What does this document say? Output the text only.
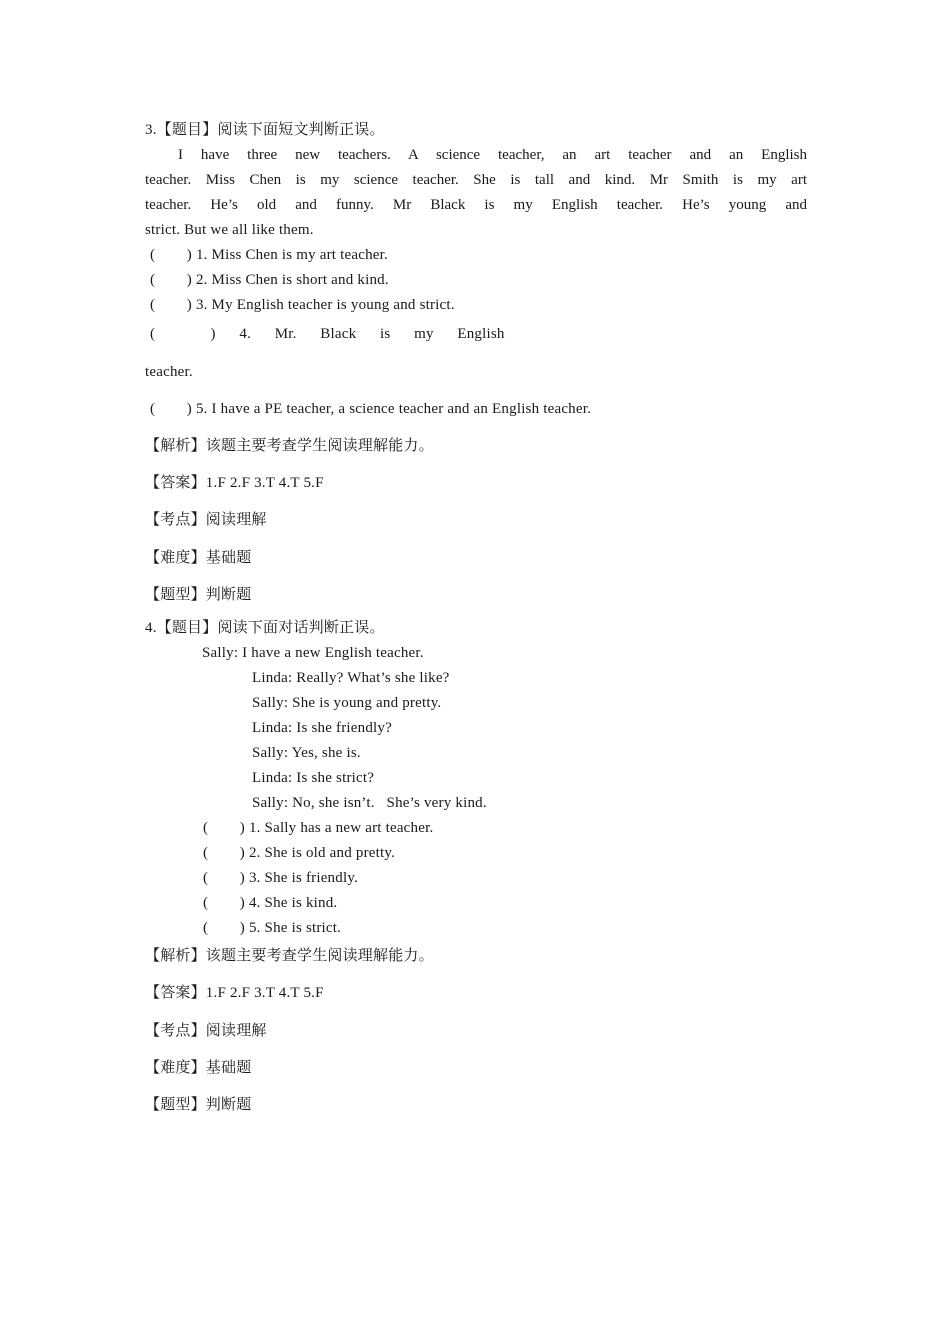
3.【题目】阅读下面短文判断正误。
I have three new teachers. A science teacher, an art teacher and an English
teacher. Miss Chen is my science teacher. She is tall and kind. Mr Smith is my art
teacher. He’s old and funny. Mr Black is my English teacher. He’s young and
strict. But we all like them.
(        ) 1. Miss Chen is my art teacher.
(        ) 2. Miss Chen is short and kind.
(        ) 3. My English teacher is young and strict.
(              )      4.      Mr.      Black      is      my      English
teacher.
(        ) 5. I have a PE teacher, a science teacher and an English teacher.
【解析】该题主要考查学生阅读理解能力。
【答案】1.F 2.F 3.T 4.T 5.F
【考点】阅读理解
【难度】基础题
【题型】判断题
4.【题目】阅读下面对话判断正误。
Sally: I have a new English teacher.
Linda: Really? What’s she like?
Sally: She is young and pretty.
Linda: Is she friendly?
Sally: Yes, she is.
Linda: Is she strict?
Sally: No, she isn’t.   She’s very kind.
(        ) 1. Sally has a new art teacher.
(        ) 2. She is old and pretty.
(        ) 3. She is friendly.
(        ) 4. She is kind.
(        ) 5. She is strict.
【解析】该题主要考查学生阅读理解能力。
【答案】1.F 2.F 3.T 4.T 5.F
【考点】阅读理解
【难度】基础题
【题型】判断题
